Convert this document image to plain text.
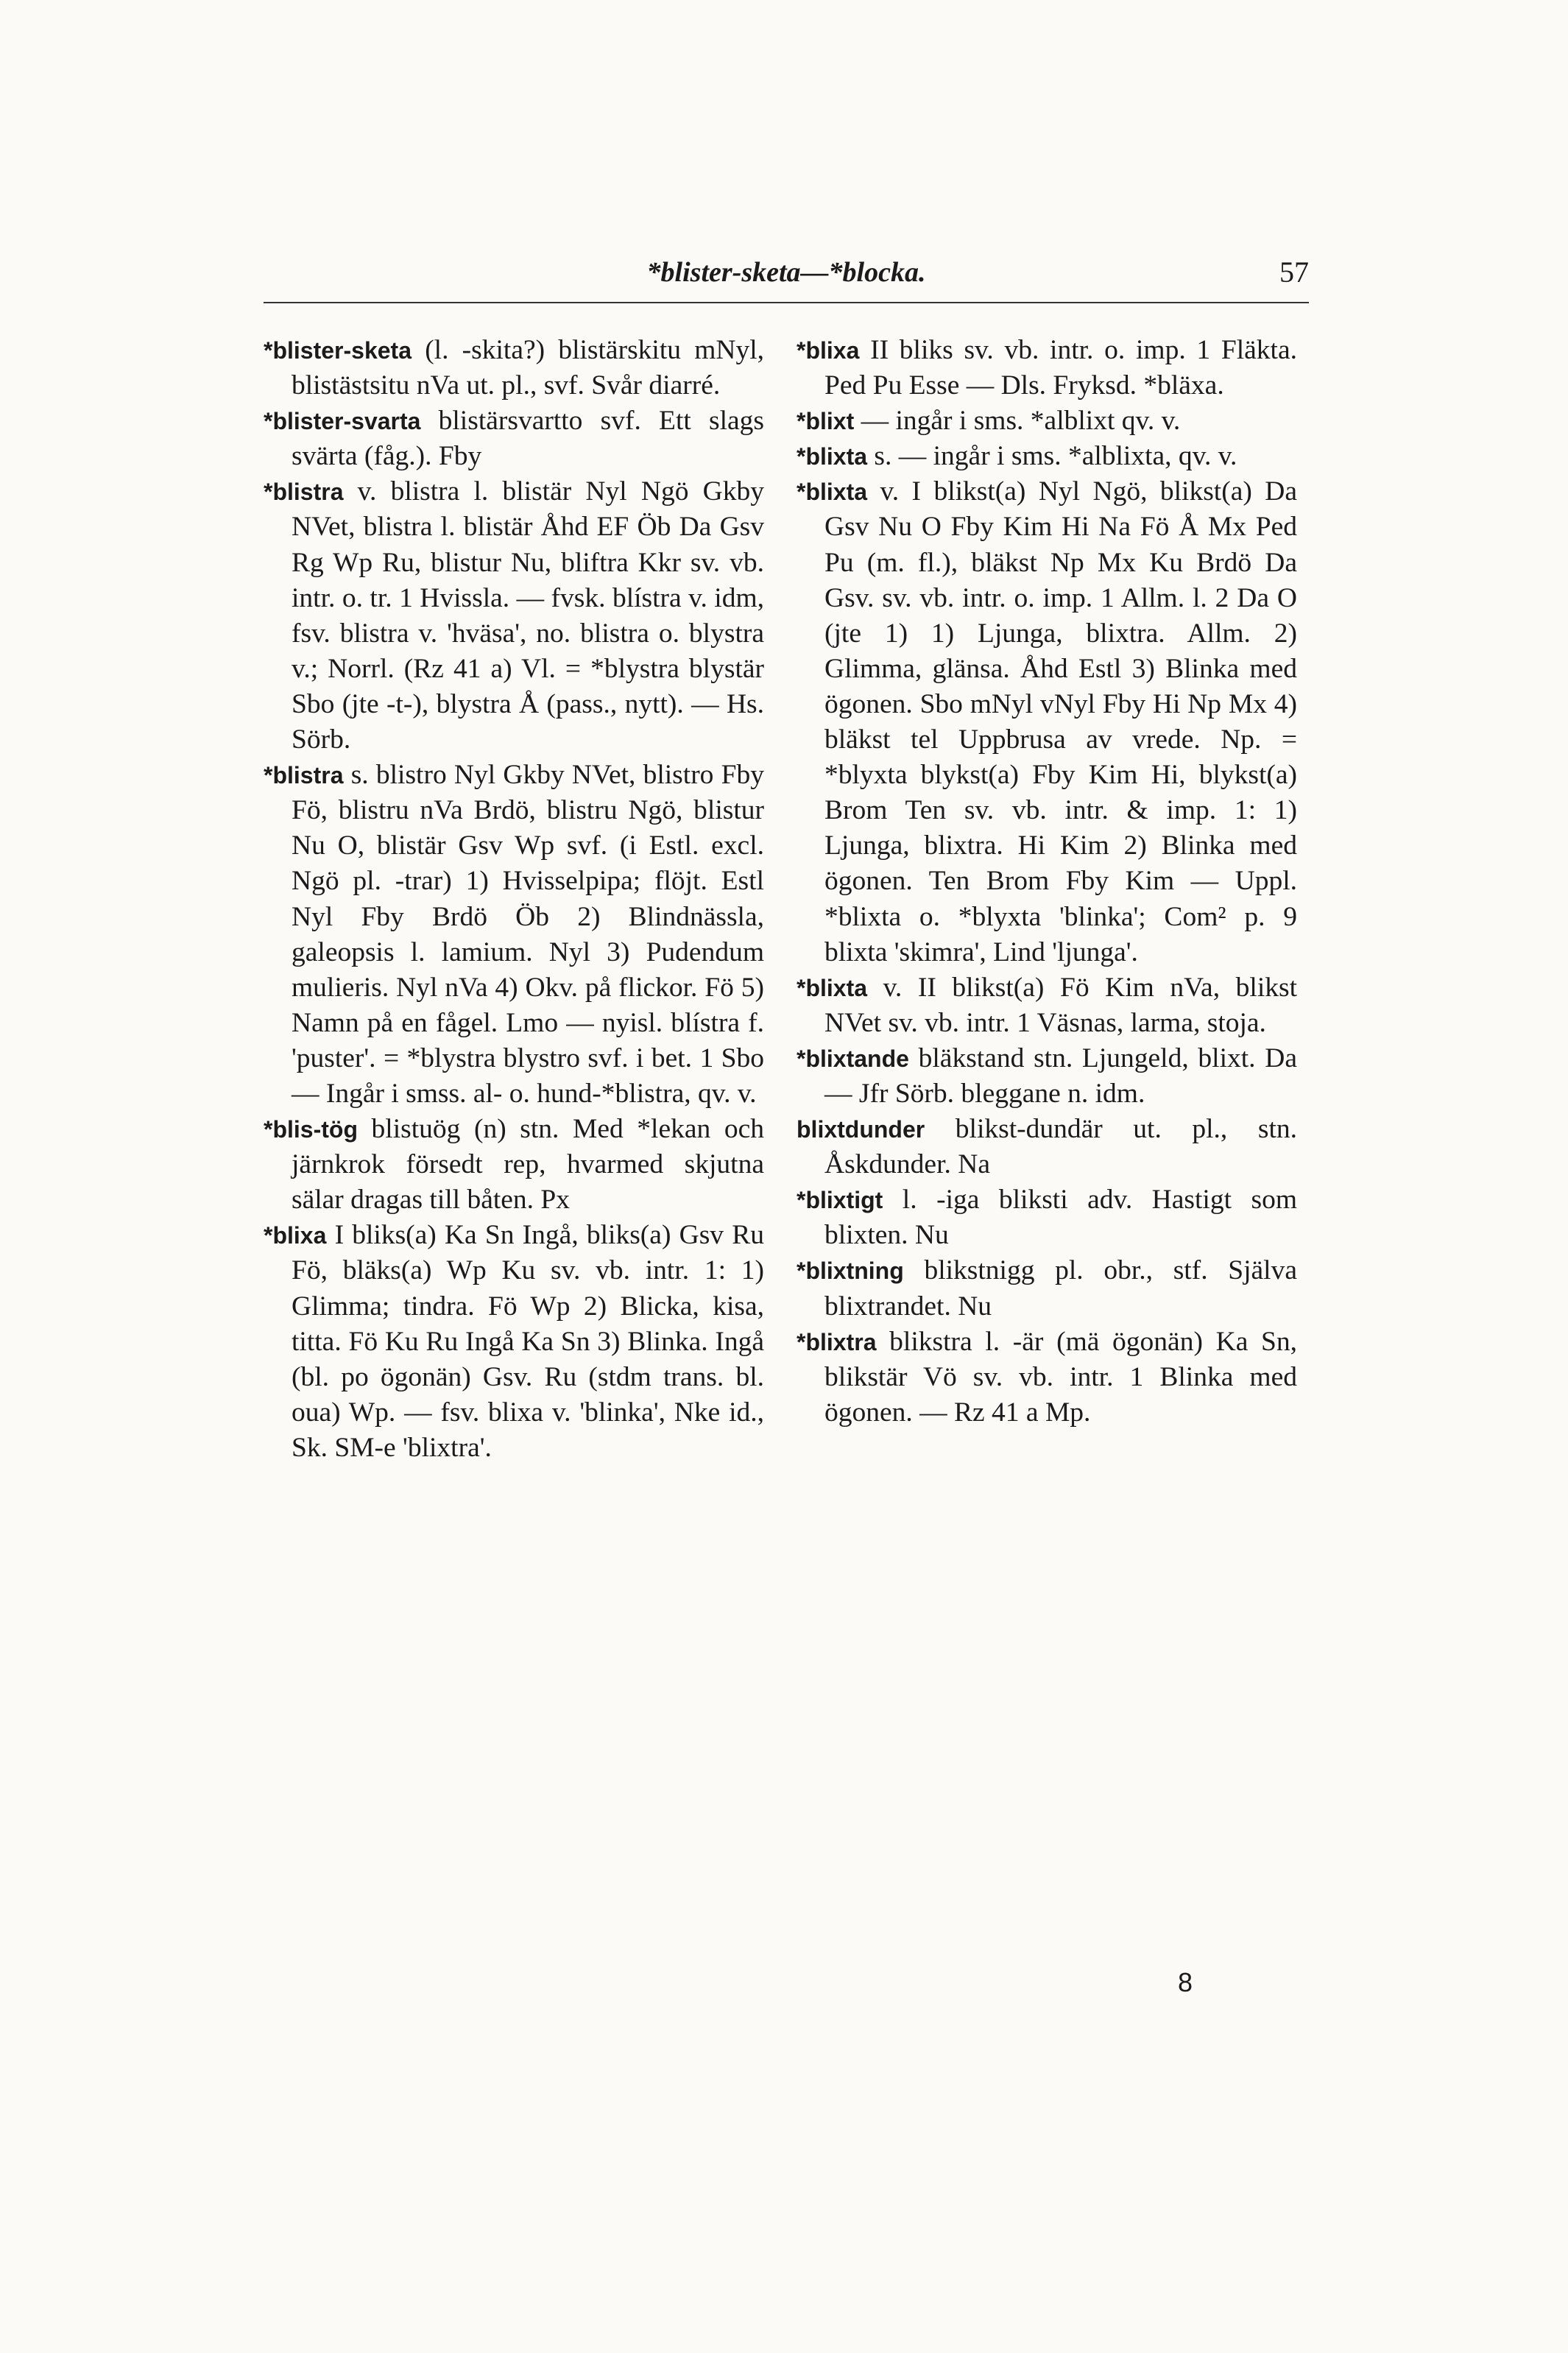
*blister-sketa—*blocka.	57

*blister-sketa (l. -skita?) blistärskitu mNyl, blistästsitu nVa ut. pl., svf. Svår diarré.

*blister-svarta blistärsvartto svf. Ett slags svärta (fåg.). Fby

*blistra v. blistra l. blistär Nyl Ngö Gkby NVet, blistra l. blistär Åhd EF Öb Da Gsv Rg Wp Ru, blistur Nu, bliftra Kkr sv. vb. intr. o. tr. 1 Hvissla. — fvsk. blístra v. idm, fsv. blistra v. 'hväsa', no. blistra o. blystra v.; Norrl. (Rz 41 a) Vl. = *blystra blystär Sbo (jte -t-), blystra Å (pass., nytt). — Hs. Sörb.

*blistra s. blistro Nyl Gkby NVet, blistro Fby Fö, blistru nVa Brdö, blistru Ngö, blistur Nu O, blistär Gsv Wp svf. (i Estl. excl. Ngö pl. -trar) 1) Hvisselpipa; flöjt. Estl Nyl Fby Brdö Öb 2) Blindnässla, galeopsis l. lamium. Nyl 3) Pudendum mulieris. Nyl nVa 4) Okv. på flickor. Fö 5) Namn på en fågel. Lmo — nyisl. blístra f. 'puster'. = *blystra blystro svf. i bet. 1 Sbo — Ingår i smss. al- o. hund-*blistra, qv. v.

*blis-tög blistuög (n) stn. Med *lekan och järnkrok försedt rep, hvarmed skjutna sälar dragas till båten. Px

*blixa I bliks(a) Ka Sn Ingå, bliks(a) Gsv Ru Fö, bläks(a) Wp Ku sv. vb. intr. 1: 1) Glimma; tindra. Fö Wp 2) Blicka, kisa, titta. Fö Ku Ru Ingå Ka Sn 3) Blinka. Ingå (bl. po ögonän) Gsv. Ru (stdm trans. bl. oua) Wp. — fsv. blixa v. 'blinka', Nke id., Sk. SM-e 'blixtra'.

*blixa II bliks sv. vb. intr. o. imp. 1 Fläkta. Ped Pu Esse — Dls. Fryksd. *bläxa.

*blixt — ingår i sms. *alblixt qv. v.

*blixta s. — ingår i sms. *alblixta, qv. v.

*blixta v. I blikst(a) Nyl Ngö, blikst(a) Da Gsv Nu O Fby Kim Hi Na Fö Å Mx Ped Pu (m. fl.), bläkst Np Mx Ku Brdö Da Gsv. sv. vb. intr. o. imp. 1 Allm. l. 2 Da O (jte 1) 1) Ljunga, blixtra. Allm. 2) Glimma, glänsa. Åhd Estl 3) Blinka med ögonen. Sbo mNyl vNyl Fby Hi Np Mx 4) bläkst tel Uppbrusa av vrede. Np. = *blyxta blykst(a) Fby Kim Hi, blykst(a) Brom Ten sv. vb. intr. & imp. 1: 1) Ljunga, blixtra. Hi Kim 2) Blinka med ögonen. Ten Brom Fby Kim — Uppl. *blixta o. *blyxta 'blinka'; Com² p. 9 blixta 'skimra', Lind 'ljunga'.

*blixta v. II blikst(a) Fö Kim nVa, blikst NVet sv. vb. intr. 1 Väsnas, larma, stoja.

*blixtande bläkstand stn. Ljungeld, blixt. Da — Jfr Sörb. bleggane n. idm.

blixtdunder blikst-dundär ut. pl., stn. Åskdunder. Na

*blixtigt l. -iga bliksti adv. Hastigt som blixten. Nu

*blixtning blikstnigg pl. obr., stf. Själva blixtrandet. Nu

*blixtra blikstra l. -är (mä ögonän) Ka Sn, blikstär Vö sv. vb. intr. 1 Blinka med ögonen. — Rz 41 a Mp.

8
